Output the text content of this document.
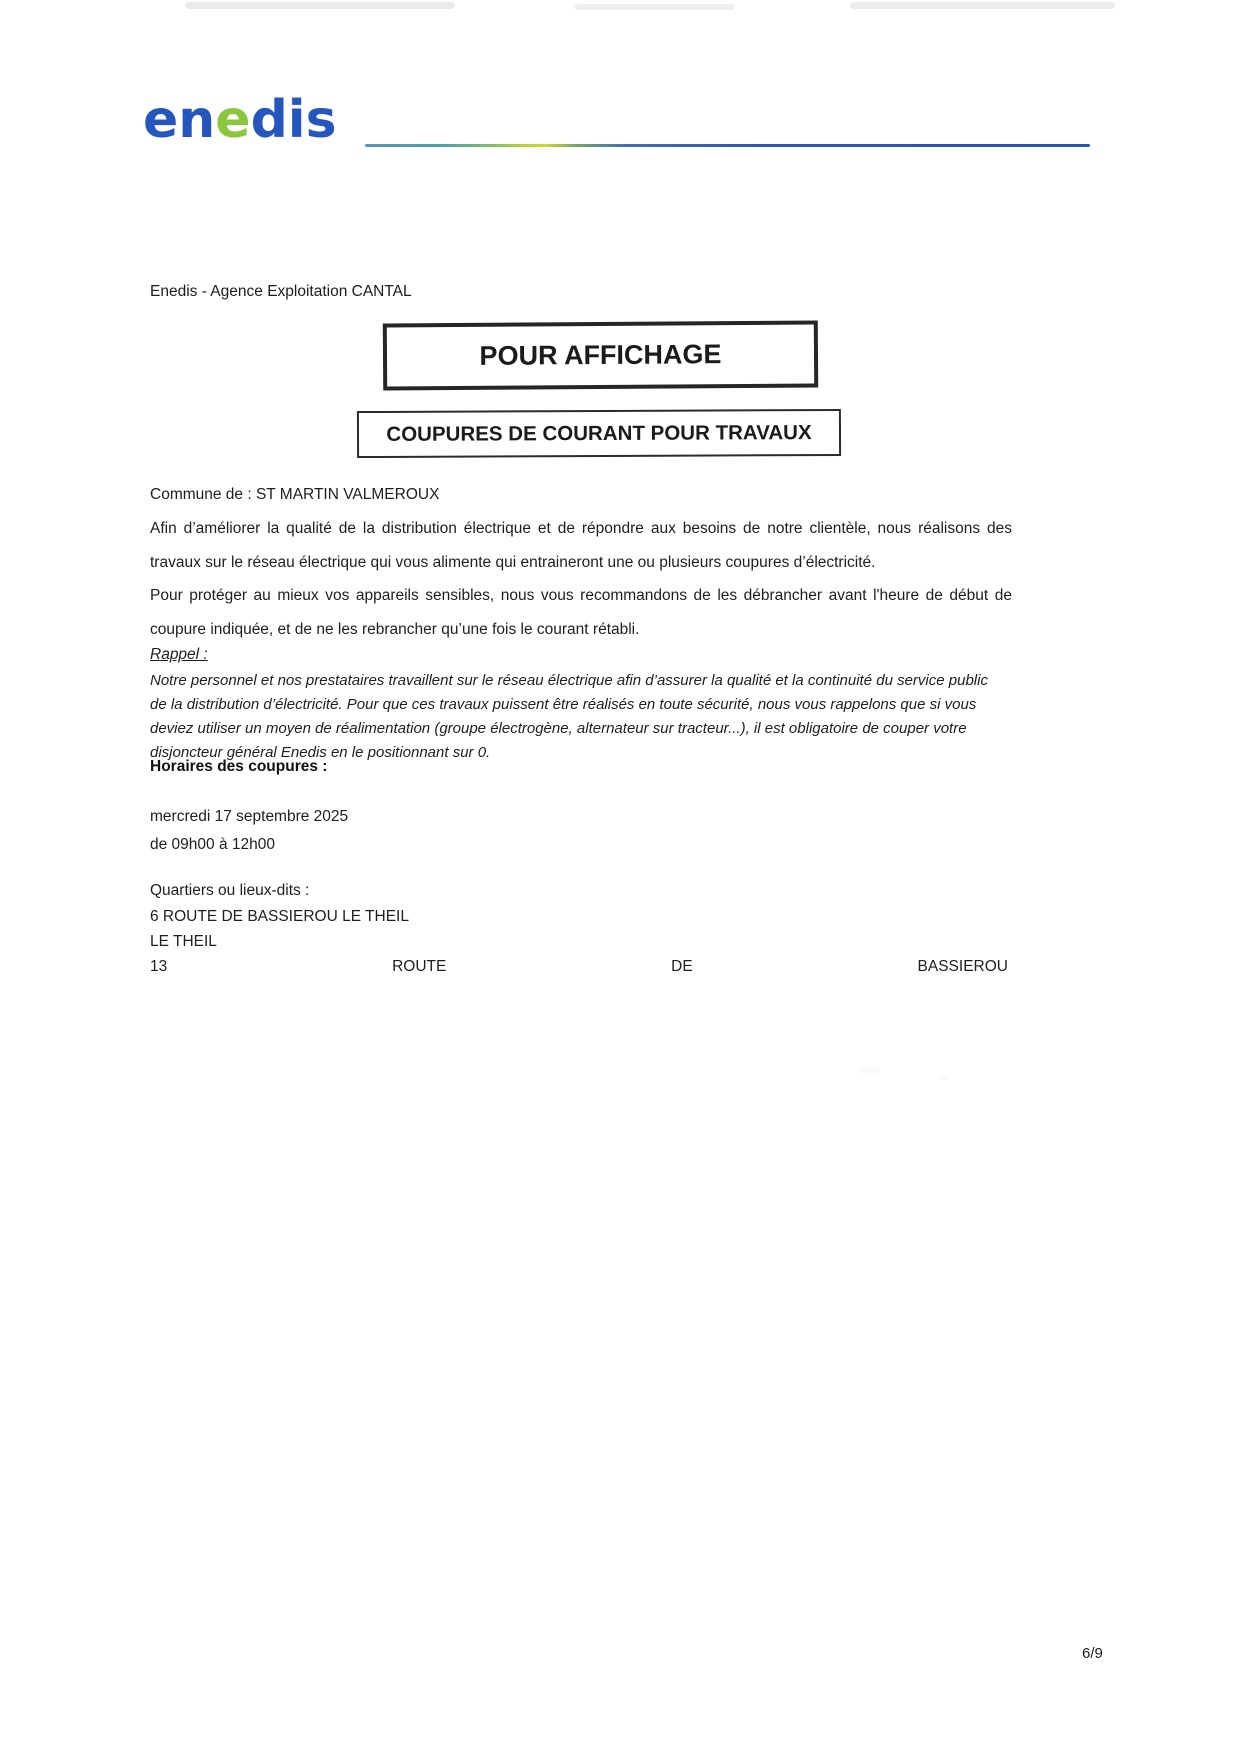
enedis
Enedis - Agence Exploitation CANTAL
POUR AFFICHAGE
COUPURES DE COURANT POUR TRAVAUX
Commune de : ST MARTIN VALMEROUX

Afin d’améliorer la qualité de la distribution électrique et de répondre aux besoins de notre clientèle, nous réalisons des travaux sur le réseau électrique qui vous alimente qui entraineront une ou plusieurs coupures d’électricité.

Pour protéger au mieux vos appareils sensibles, nous vous recommandons de les débrancher avant l'heure de début de coupure indiquée, et de ne les rebrancher qu’une fois le courant rétabli.

Rappel :

Notre personnel et nos prestataires travaillent sur le réseau électrique afin d’assurer la qualité et la continuité du service public de la distribution d’électricité. Pour que ces travaux puissent être réalisés en toute sécurité, nous vous rappelons que si vous deviez utiliser un moyen de réalimentation (groupe électrogène, alternateur sur tracteur...), il est obligatoire de couper votre disjoncteur général Enedis en le positionnant sur 0.

Horaires des coupures :
mercredi 17 septembre 2025
de 09h00 à 12h00
Quartiers ou lieux-dits :
6 ROUTE DE BASSIEROU LE THEIL
LE THEIL
13	ROUTE	DE	BASSIEROU
6/9
